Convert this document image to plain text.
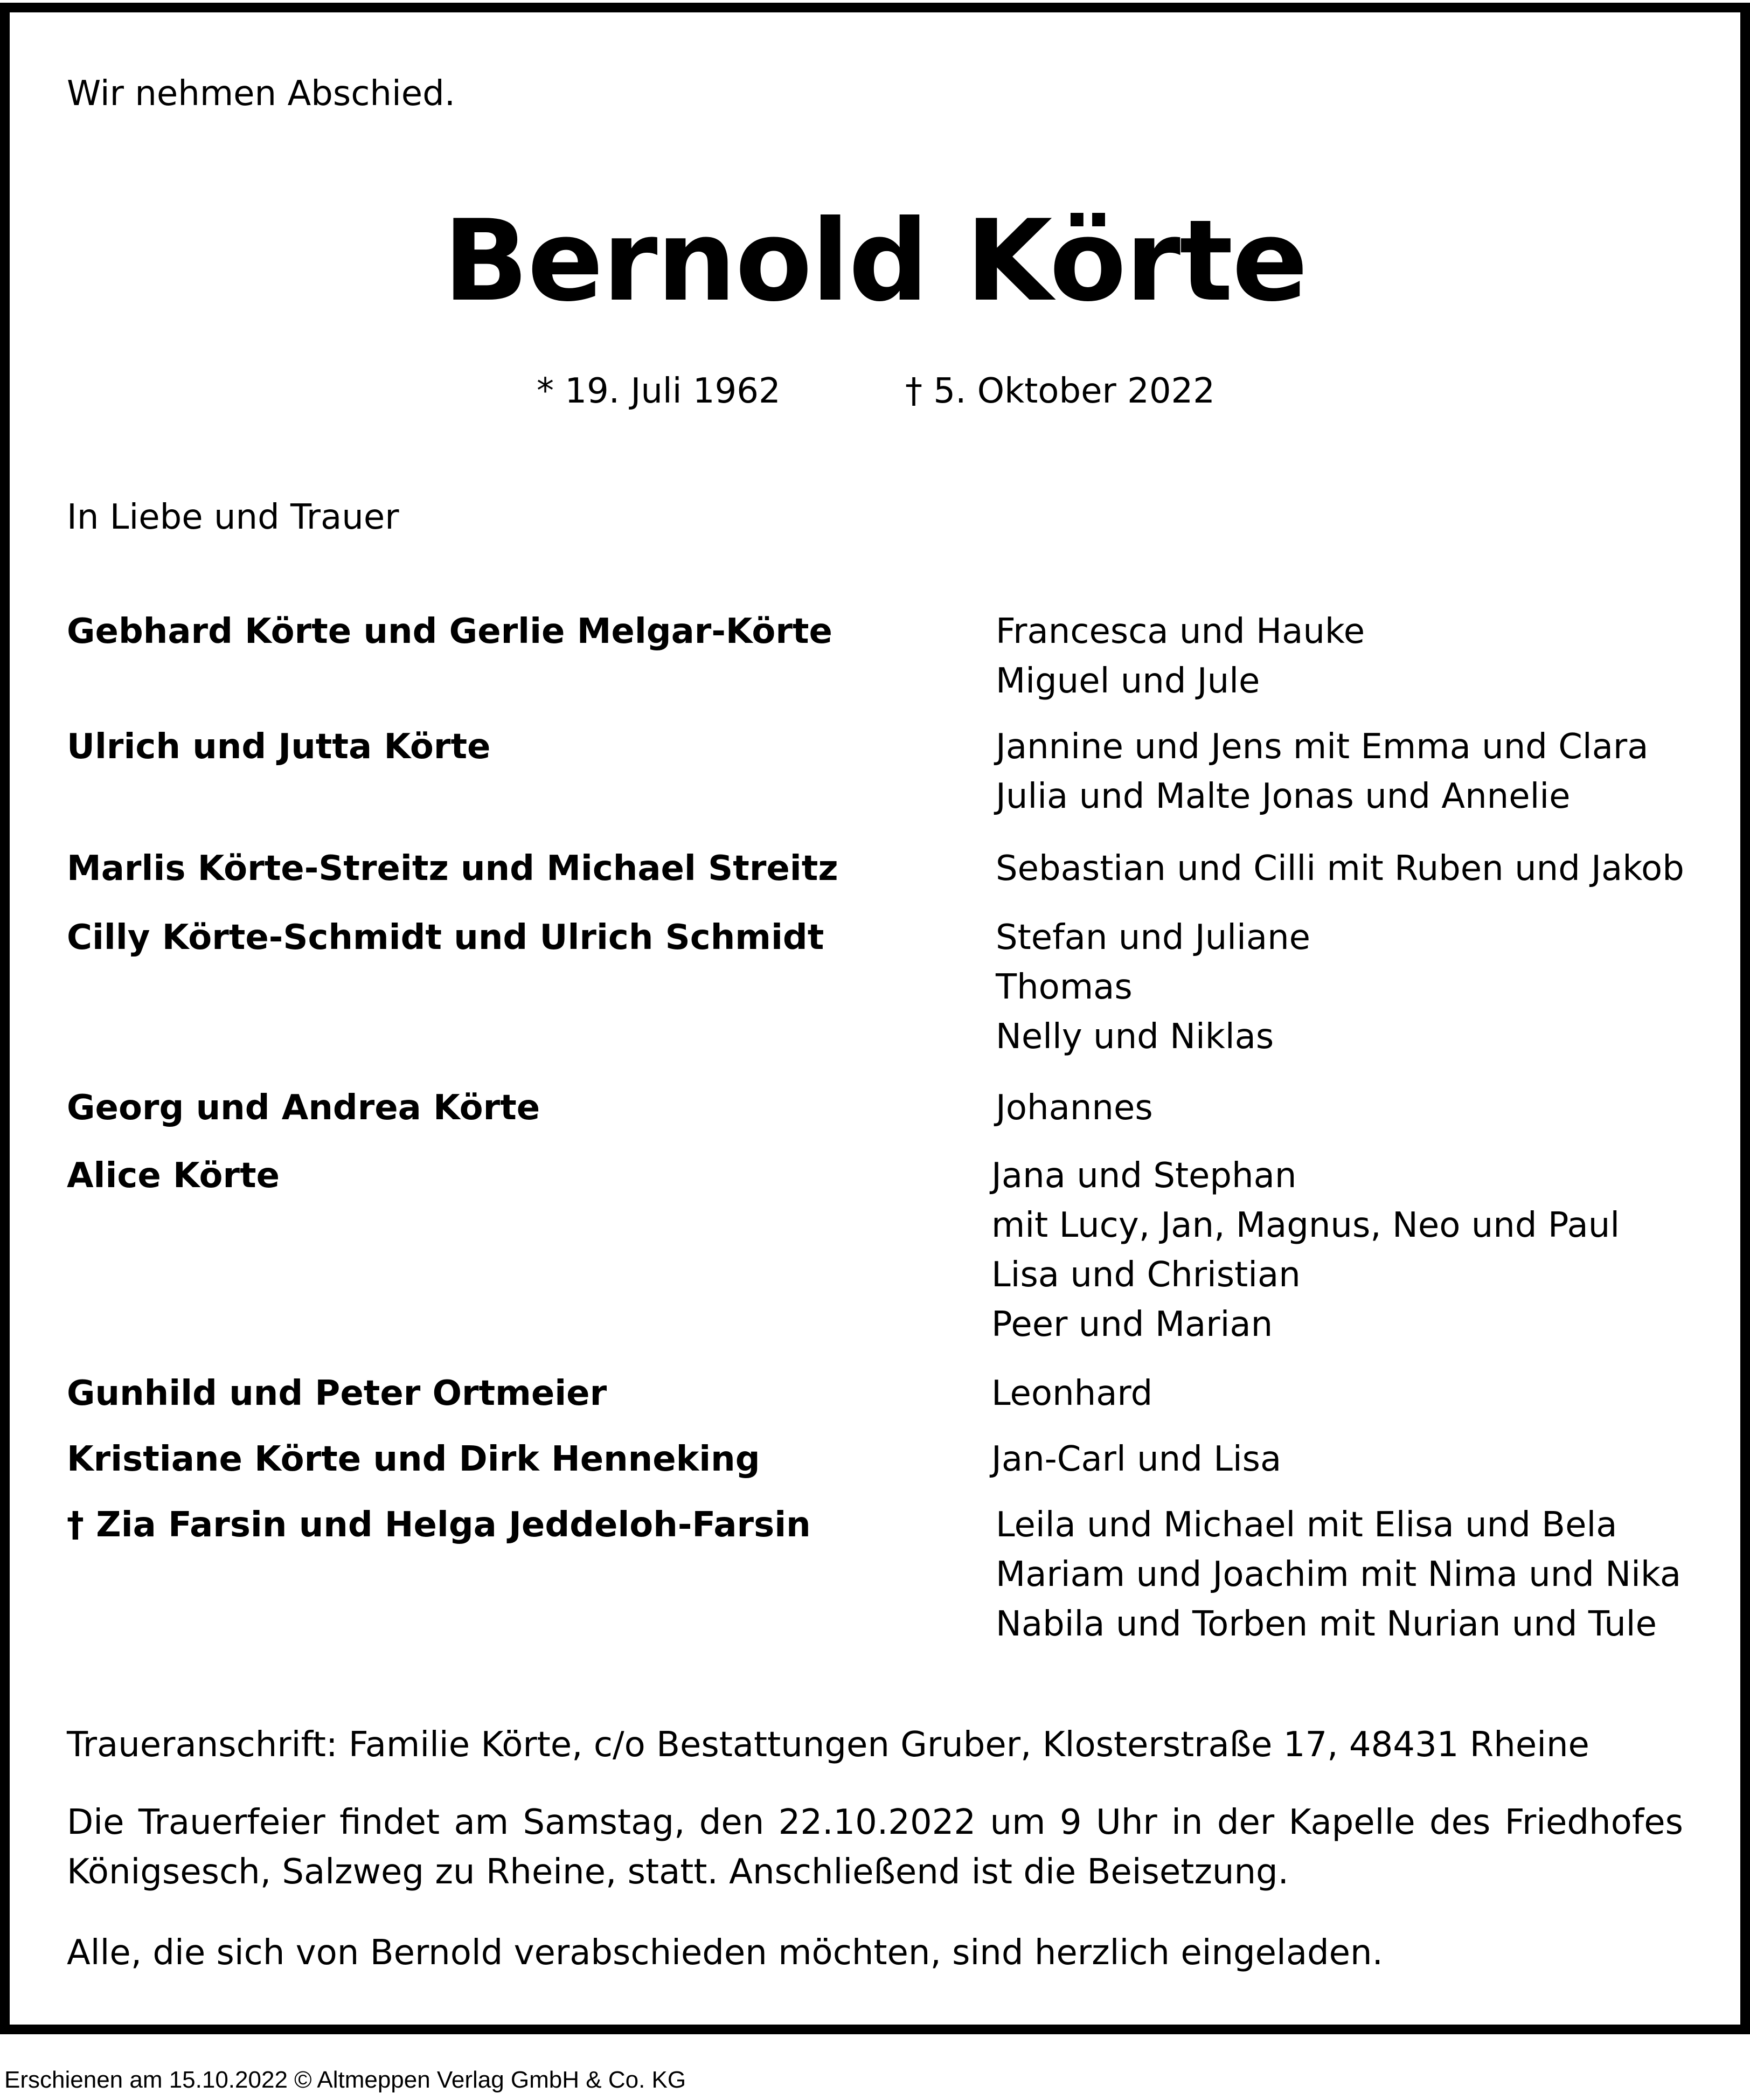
Wir nehmen Abschied.
Bernold Körte
* 19. Juli 1962	† 5. Oktober 2022
In Liebe und Trauer
Gebhard Körte und Gerlie Melgar-Körte	Francesca und Hauke
Miguel und Jule
Ulrich und Jutta Körte	Jannine und Jens mit Emma und Clara
Julia und Malte Jonas und Annelie
Marlis Körte-Streitz und Michael Streitz	Sebastian und Cilli mit Ruben und Jakob
Cilly Körte-Schmidt und Ulrich Schmidt	Stefan und Juliane
Thomas
Nelly und Niklas
Georg und Andrea Körte	Johannes
Alice Körte	Jana und Stephan
mit Lucy, Jan, Magnus, Neo und Paul
Lisa und Christian
Peer und Marian
Gunhild und Peter Ortmeier	Leonhard
Kristiane Körte und Dirk Henneking	Jan-Carl und Lisa
† Zia Farsin und Helga Jeddeloh-Farsin	Leila und Michael mit Elisa und Bela
Mariam und Joachim mit Nima und Nika
Nabila und Torben mit Nurian und Tule
Traueranschrift: Familie Körte, c/o Bestattungen Gruber, Klosterstraße 17, 48431 Rheine
Die Trauerfeier findet am Samstag, den 22.10.2022 um 9 Uhr in der Kapelle des Friedhofes
Königsesch, Salzweg zu Rheine, statt. Anschließend ist die Beisetzung.
Alle, die sich von Bernold verabschieden möchten, sind herzlich eingeladen.
Erschienen am 15.10.2022 © Altmeppen Verlag GmbH & Co. KG
